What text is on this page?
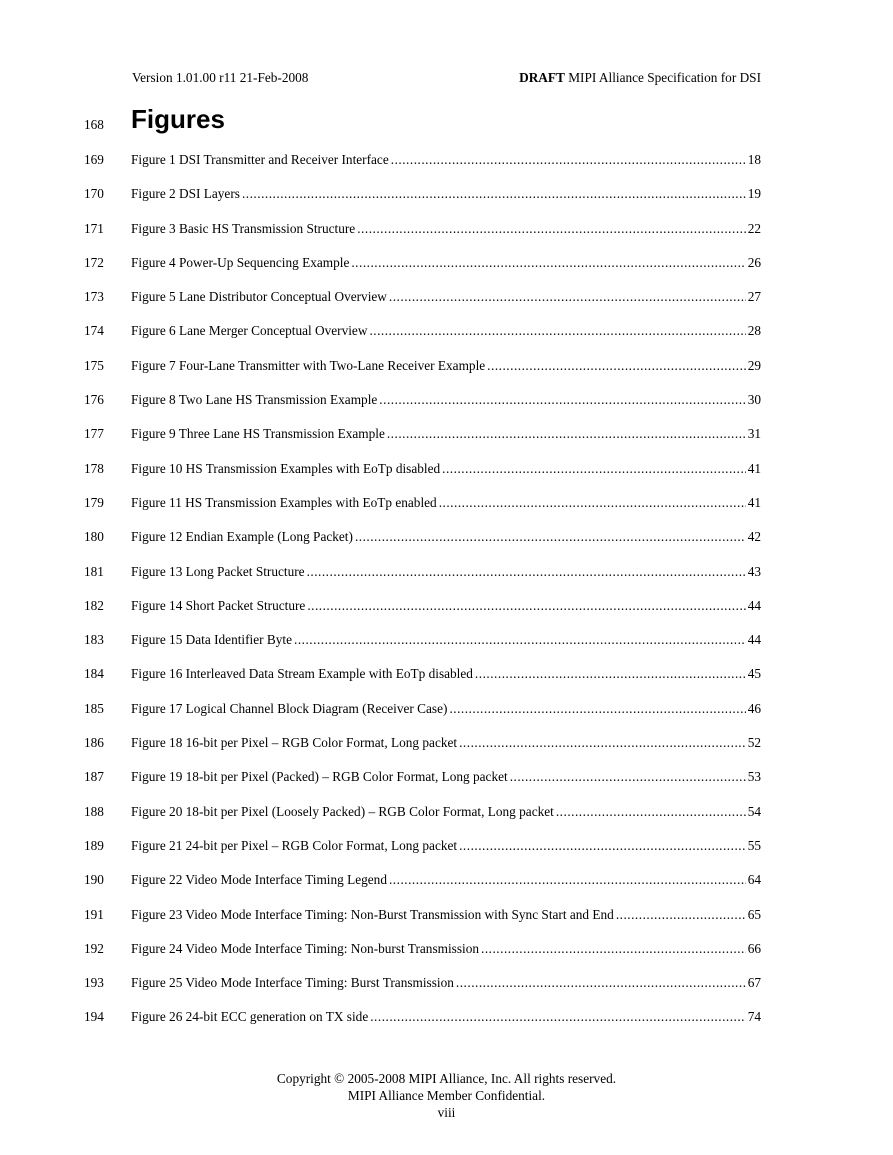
Version 1.01.00 r11 21-Feb-2008	DRAFT MIPI Alliance Specification for DSI
168 Figures
169 Figure 1 DSI Transmitter and Receiver Interface .....	18
170 Figure 2 DSI Layers .....	19
171 Figure 3 Basic HS Transmission Structure .....	22
172 Figure 4 Power-Up Sequencing Example .....	26
173 Figure 5 Lane Distributor Conceptual Overview .....	27
174 Figure 6 Lane Merger Conceptual Overview .....	28
175 Figure 7 Four-Lane Transmitter with Two-Lane Receiver Example .....	29
176 Figure 8 Two Lane HS Transmission Example .....	30
177 Figure 9 Three Lane HS Transmission Example .....	31
178 Figure 10 HS Transmission Examples with EoTp disabled .....	41
179 Figure 11 HS Transmission Examples with EoTp enabled .....	41
180 Figure 12 Endian Example (Long Packet) .....	42
181 Figure 13 Long Packet Structure .....	43
182 Figure 14 Short Packet Structure .....	44
183 Figure 15 Data Identifier Byte .....	44
184 Figure 16 Interleaved Data Stream Example with EoTp disabled .....	45
185 Figure 17 Logical Channel Block Diagram (Receiver Case) .....	46
186 Figure 18 16-bit per Pixel – RGB Color Format, Long packet .....	52
187 Figure 19 18-bit per Pixel (Packed) – RGB Color Format, Long packet .....	53
188 Figure 20 18-bit per Pixel (Loosely Packed) – RGB Color Format, Long packet .....	54
189 Figure 21 24-bit per Pixel – RGB Color Format, Long packet .....	55
190 Figure 22 Video Mode Interface Timing Legend .....	64
191 Figure 23 Video Mode Interface Timing: Non-Burst Transmission with Sync Start and End .....	65
192 Figure 24 Video Mode Interface Timing: Non-burst Transmission .....	66
193 Figure 25 Video Mode Interface Timing: Burst Transmission .....	67
194 Figure 26 24-bit ECC generation on TX side .....	74
Copyright © 2005-2008 MIPI Alliance, Inc. All rights reserved.
MIPI Alliance Member Confidential.
viii
